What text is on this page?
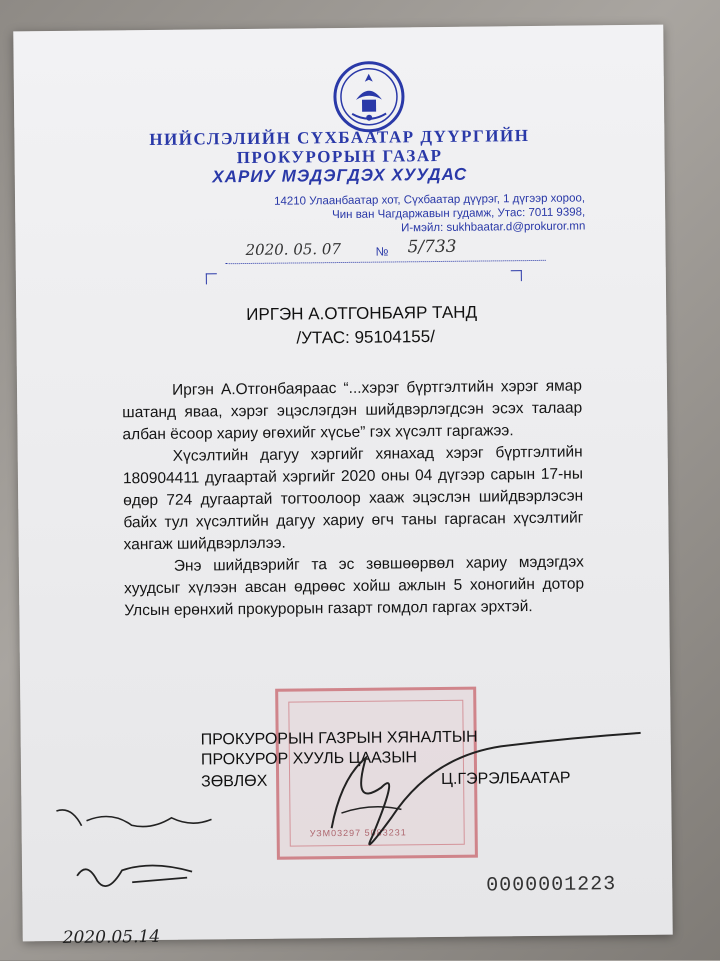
НИЙСЛЭЛИЙН СҮХБААТАР ДҮҮРГИЙН
ПРОКУРОРЫН ГАЗАР
ХАРИУ МЭДЭГДЭХ ХУУДАС
14210 Улаанбаатар хот, Сүхбаатар дүүрэг, 1 дүгээр хороо,
Чин ван Чагдаржавын гудамж, Утас: 7011 9398,
И-мэйл: sukhbaatar.d@prokuror.mn
2020. 05. 07	№ 5/733
ИРГЭН А.ОТГОНБАЯР ТАНД
/УТАС: 95104155/

Иргэн А.Отгонбаяраас “...хэрэг бүртгэлтийн хэрэг ямар шатанд яваа, хэрэг эцэслэгдэн шийдвэрлэгдсэн эсэх талаар албан ёсоор хариу өгөхийг хүсье” гэх хүсэлт гаргажээ.

Хүсэлтийн дагуу хэргийг хянахад хэрэг бүртгэлтийн 180904411 дугаартай хэргийг 2020 оны 04 дүгээр сарын 17-ны өдөр 724 дугаартай тогтоолоор хааж эцэслэн шийдвэрлэсэн байх тул хүсэлтийн дагуу хариу өгч таны гаргасан хүсэлтийг хангаж шийдвэрлэлээ.

Энэ шийдвэрийг та эс зөвшөөрвөл хариу мэдэгдэх хуудсыг хүлээн авсан өдрөөс хойш ажлын 5 хоногийн дотор Улсын ерөнхий прокурорын газарт гомдол гаргах эрхтэй.

УЗМ03297 5083231
ПРОКУРОРЫН ГАЗРЫН ХЯНАЛТЫН
ПРОКУРОР ХУУЛЬ ЦААЗЫН
ЗӨВЛӨХ	Ц.ГЭРЭЛБААТАР
2020.05.14
0000001223
